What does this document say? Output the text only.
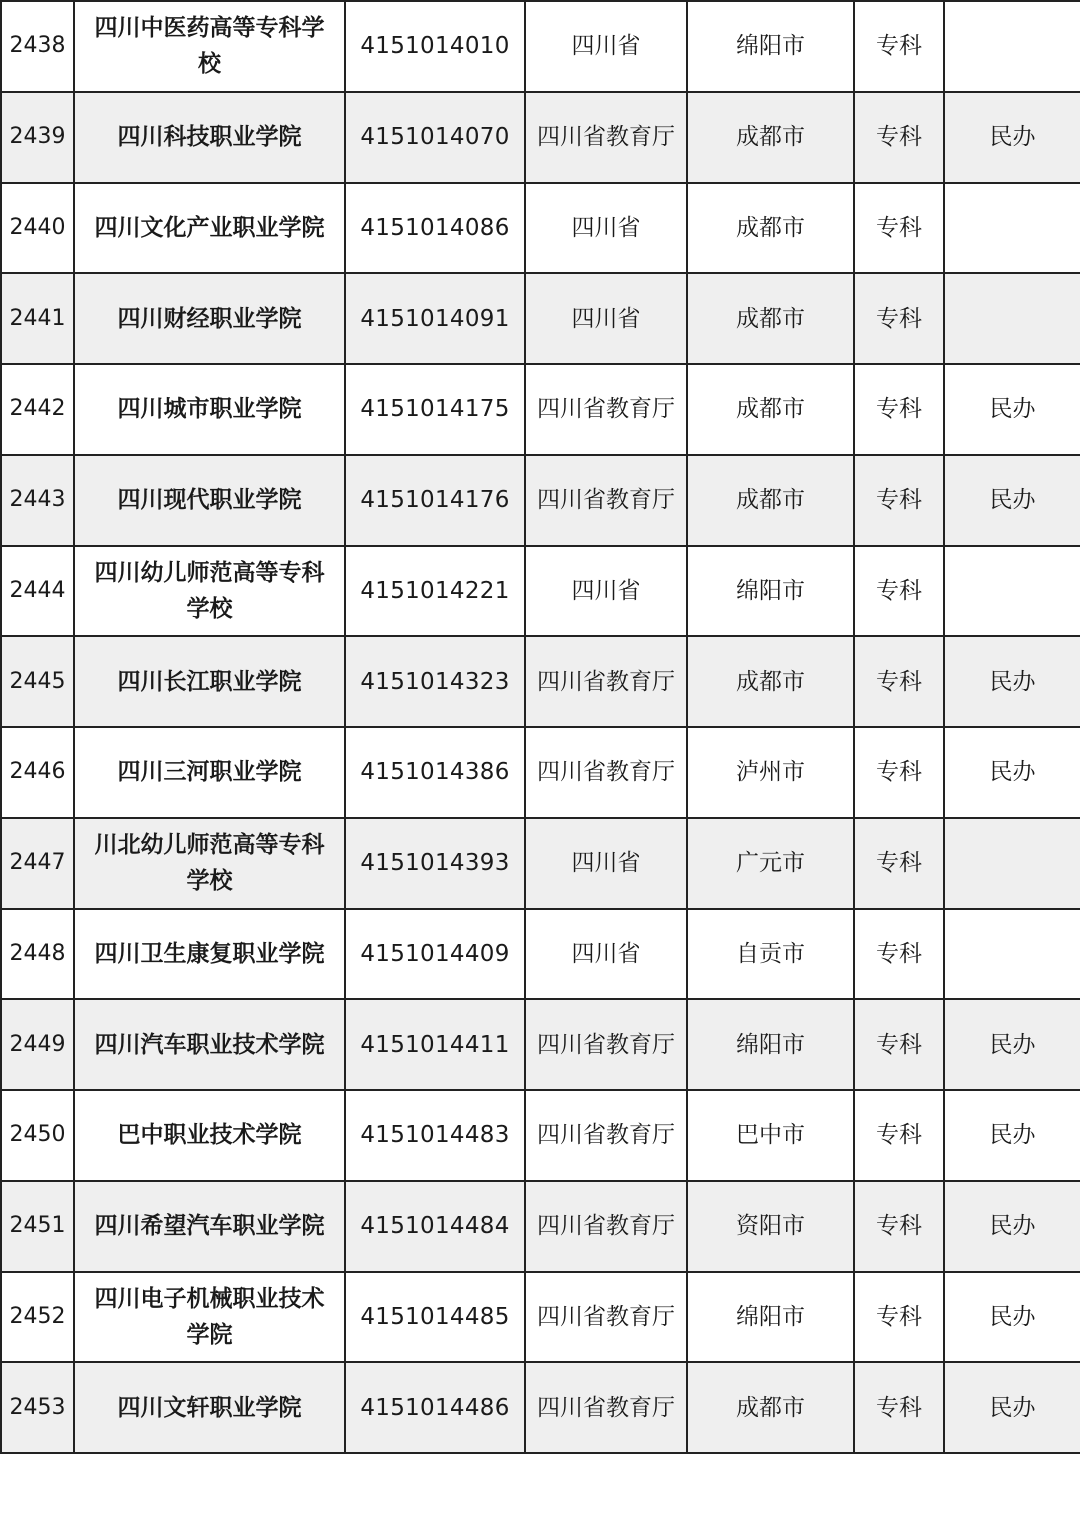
2438	四川中医药高等专科学校	4151014010	四川省	绵阳市	专科	
2439	四川科技职业学院	4151014070	四川省教育厅	成都市	专科	民办
2440	四川文化产业职业学院	4151014086	四川省	成都市	专科	
2441	四川财经职业学院	4151014091	四川省	成都市	专科	
2442	四川城市职业学院	4151014175	四川省教育厅	成都市	专科	民办
2443	四川现代职业学院	4151014176	四川省教育厅	成都市	专科	民办
2444	四川幼儿师范高等专科学校	4151014221	四川省	绵阳市	专科	
2445	四川长江职业学院	4151014323	四川省教育厅	成都市	专科	民办
2446	四川三河职业学院	4151014386	四川省教育厅	泸州市	专科	民办
2447	川北幼儿师范高等专科学校	4151014393	四川省	广元市	专科	
2448	四川卫生康复职业学院	4151014409	四川省	自贡市	专科	
2449	四川汽车职业技术学院	4151014411	四川省教育厅	绵阳市	专科	民办
2450	巴中职业技术学院	4151014483	四川省教育厅	巴中市	专科	民办
2451	四川希望汽车职业学院	4151014484	四川省教育厅	资阳市	专科	民办
2452	四川电子机械职业技术学院	4151014485	四川省教育厅	绵阳市	专科	民办
2453	四川文轩职业学院	4151014486	四川省教育厅	成都市	专科	民办
